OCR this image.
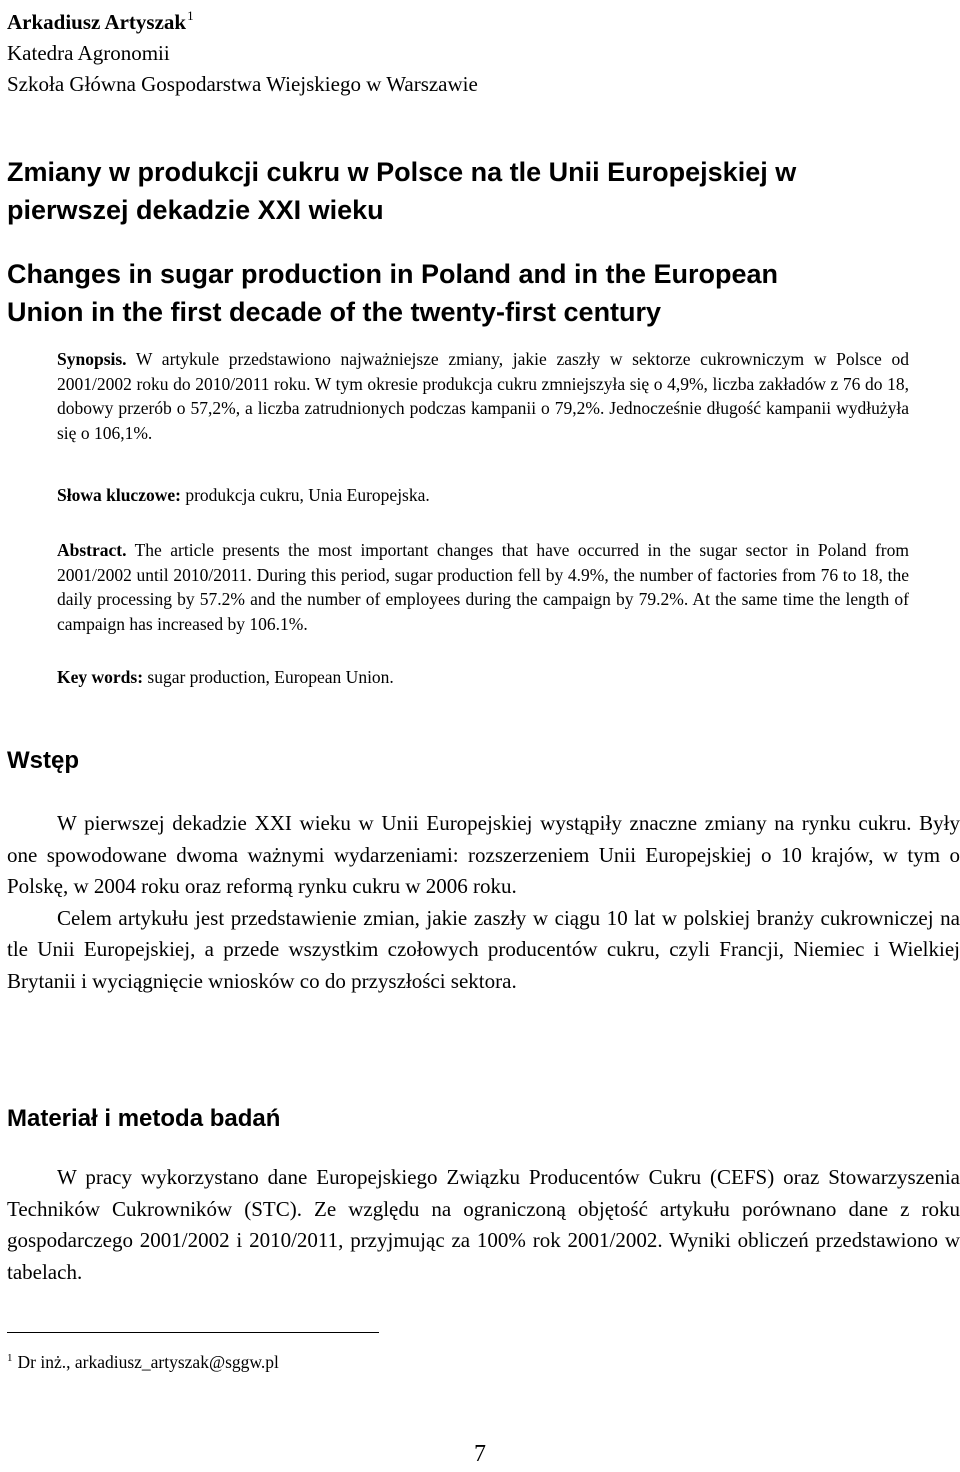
Arkadiusz Artyszak$^1$
Katedra Agronomii
Szkoła Główna Gospodarstwa Wiejskiego w Warszawie
Zmiany w produkcji cukru w Polsce na tle Unii Europejskiej w
pierwszej dekadzie XXI wieku
Changes in sugar production in Poland and in the European
Union in the first decade of the twenty-first century

Synopsis. W artykule przedstawiono najważniejsze zmiany, jakie zaszły w sektorze cukrowniczym w Polsce od 2001/2002 roku do 2010/2011 roku. W tym okresie produkcja cukru zmniejszyła się o 4,9%, liczba zakładów z 76 do 18, dobowy przerób o 57,2%, a liczba zatrudnionych podczas kampanii o 79,2%. Jednocześnie długość kampanii wydłużyła się o 106,1%.

Słowa kluczowe: produkcja cukru, Unia Europejska.

Abstract. The article presents the most important changes that have occurred in the sugar sector in Poland from 2001/2002 until 2010/2011. During this period, sugar production fell by 4.9%, the number of factories from 76 to 18, the daily processing by 57.2% and the number of employees during the campaign by 79.2%. At the same time the length of campaign has increased by 106.1%.

Key words: sugar production, European Union.

Wstęp

W pierwszej dekadzie XXI wieku w Unii Europejskiej wystąpiły znaczne zmiany na rynku cukru. Były one spowodowane dwoma ważnymi wydarzeniami: rozszerzeniem Unii Europejskiej o 10 krajów, w tym o Polskę, w 2004 roku oraz reformą rynku cukru w 2006 roku.

Celem artykułu jest przedstawienie zmian, jakie zaszły w ciągu 10 lat w polskiej branży cukrowniczej na tle Unii Europejskiej, a przede wszystkim czołowych producentów cukru, czyli Francji, Niemiec i Wielkiej Brytanii i wyciągnięcie wniosków co do przyszłości sektora.

Materiał i metoda badań

W pracy wykorzystano dane Europejskiego Związku Producentów Cukru (CEFS) oraz Stowarzyszenia Techników Cukrowników (STC). Ze względu na ograniczoną objętość artykułu porównano dane z roku gospodarczego 2001/2002 i 2010/2011, przyjmując za 100% rok 2001/2002. Wyniki obliczeń przedstawiono w tabelach.

$^1$ Dr inż., arkadiusz_artyszak@sggw.pl
7
